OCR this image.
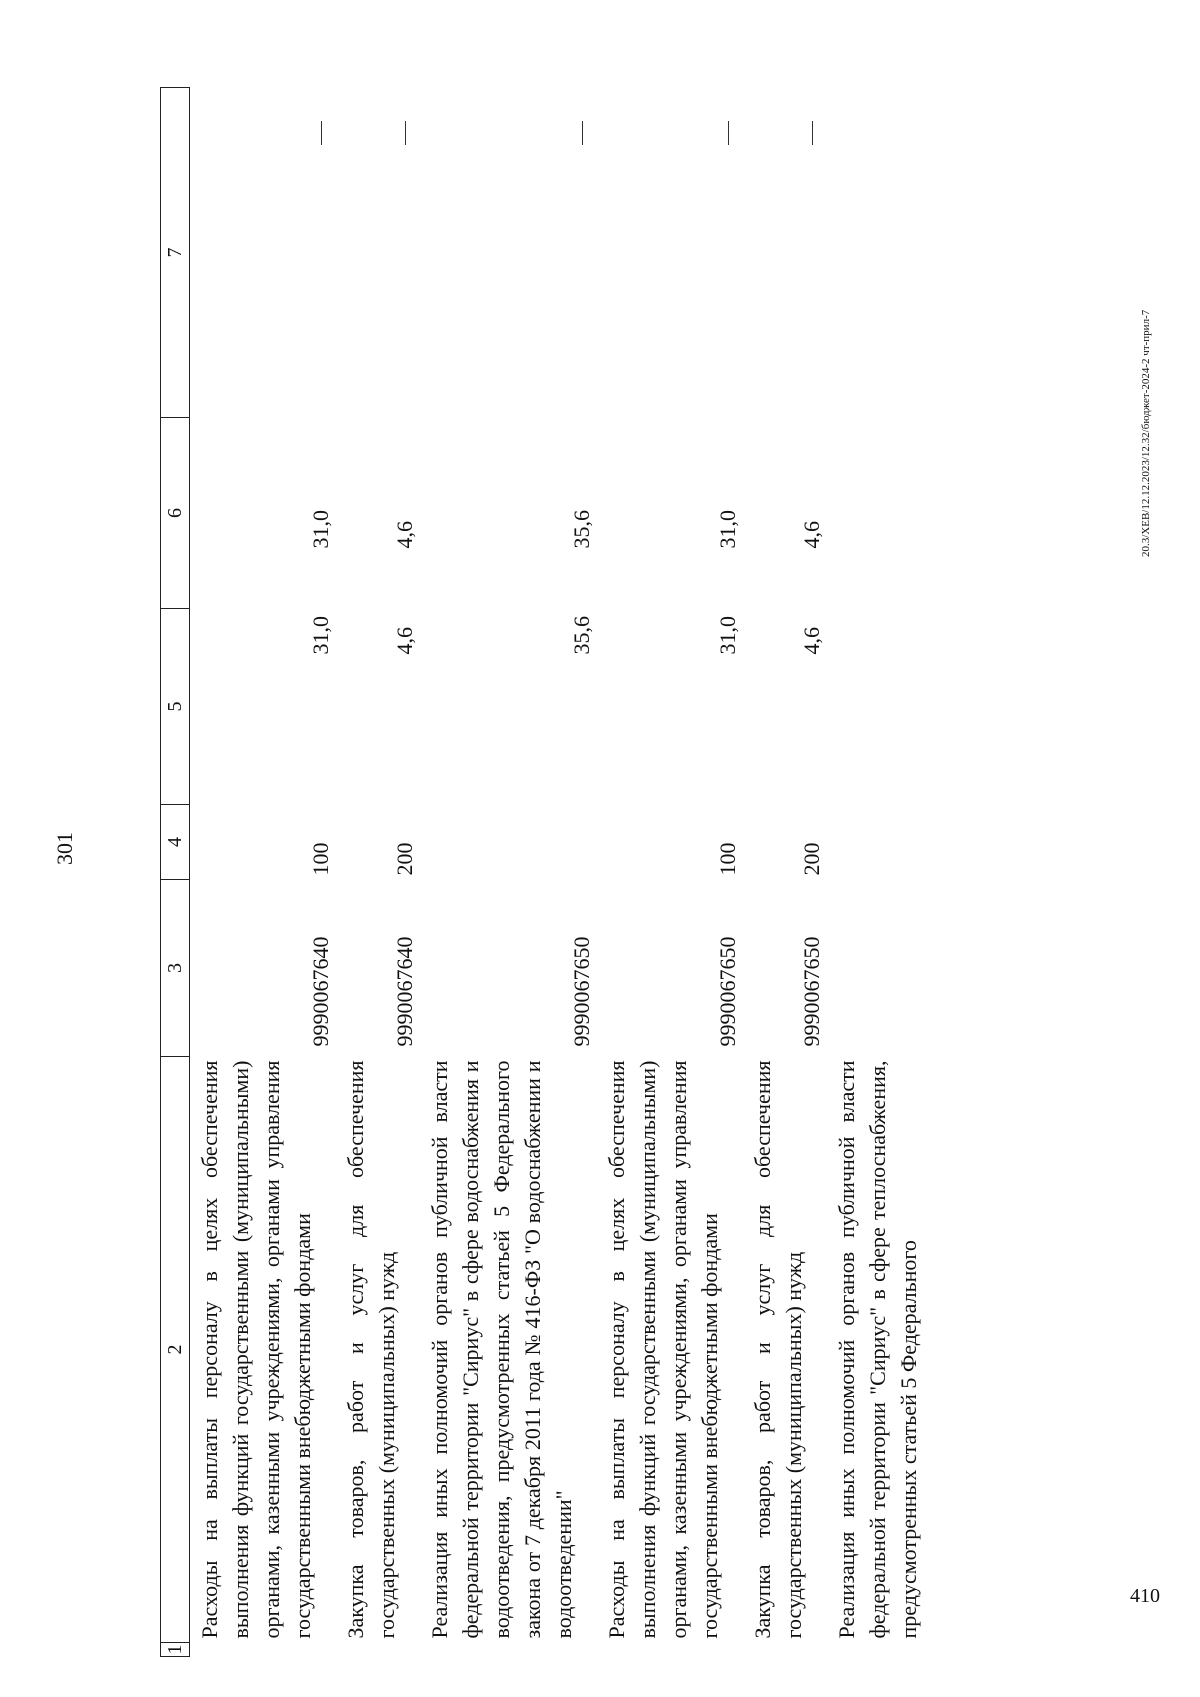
301
1	2	3	4	5	6	7
	Расходы на выплаты персоналу в целях обеспечения выполнения функций государственными (муниципальными) органами, казенными учреждениями, органами управления государственными внебюджетными фондами	9990067640	100	31,0	31,0	

	Закупка товаров, работ и услуг для обеспечения государственных (муниципальных) нужд	9990067640	200	4,6	4,6	

	Реализация иных полномочий органов публичной власти федеральной территории "Сириус" в сфере водоснабжения и водоотведения, предусмотренных статьей 5 Федерального закона от 7 декабря 2011 года № 416-ФЗ "О водоснабжении и водоотведении"	9990067650		35,6	35,6	

	Расходы на выплаты персоналу в целях обеспечения выполнения функций государственными (муниципальными) органами, казенными учреждениями, органами управления государственными внебюджетными фондами	9990067650	100	31,0	31,0	

	Закупка товаров, работ и услуг для обеспечения государственных (муниципальных) нужд	9990067650	200	4,6	4,6	

	Реализация иных полномочий органов публичной власти федеральной территории "Сириус" в сфере теплоснабжения, предусмотренных статьей 5 Федерального					
20.3/XEB/12.12.2023/12.32/бюджет-2024-2 чт-прил-7
410
